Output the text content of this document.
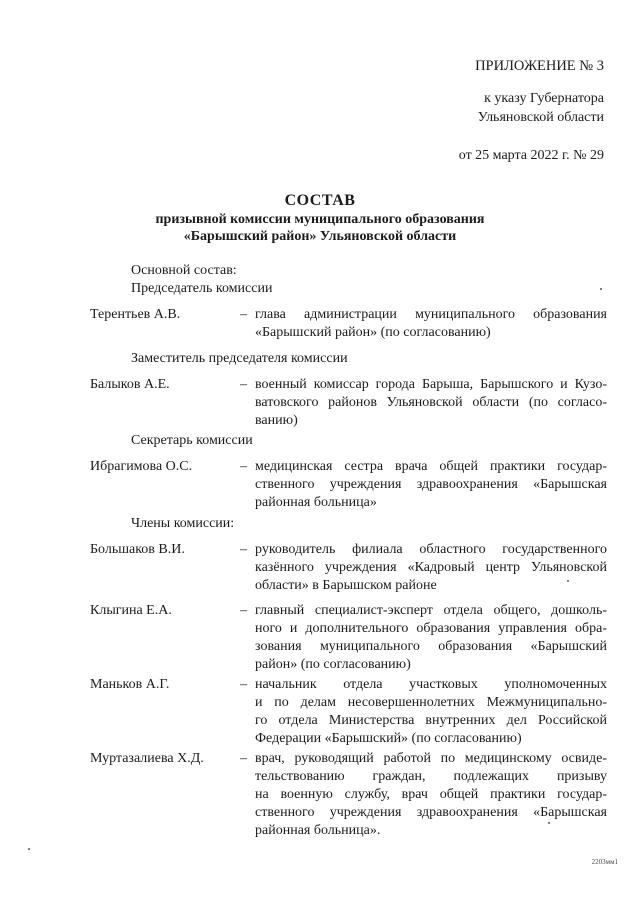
ПРИЛОЖЕНИЕ № 3
к указу Губернатора
Ульяновской области
от 25 марта 2022 г. № 29
СОСТАВ
призывной комиссии муниципального образования
«Барышский район» Ульяновской области
Основной состав:
Председатель комиссии
Терентьев А.В.	– глава администрации муниципального образования
«Барышский район» (по согласованию)
Заместитель председателя комиссии
Балыков А.Е.	– военный комиссар города Барыша, Барышского и Кузо-
ватовского районов Ульяновской области (по согласо-
ванию)
Секретарь комиссии
Ибрагимова О.С.	– медицинская сестра врача общей практики государ-
ственного учреждения здравоохранения «Барышская
районная больница»
Члены комиссии:
Большаков В.И.	– руководитель филиала областного государственного
казённого учреждения «Кадровый центр Ульяновской
области» в Барышском районе
Клыгина Е.А.	– главный специалист-эксперт отдела общего, дошколь-
ного и дополнительного образования управления обра-
зования муниципального образования «Барышский
район» (по согласованию)
Маньков А.Г.	– начальник отдела участковых уполномоченных
и по делам несовершеннолетних Межмуниципально-
го отдела Министерства внутренних дел Российской
Федерации «Барышский» (по согласованию)
Муртазалиева Х.Д.	– врач, руководящий работой по медицинскому освиде-
тельствованию граждан, подлежащих призыву
на военную службу, врач общей практики государ-
ственного учреждения здравоохранения «Барышская
районная больница».
2203мм1
